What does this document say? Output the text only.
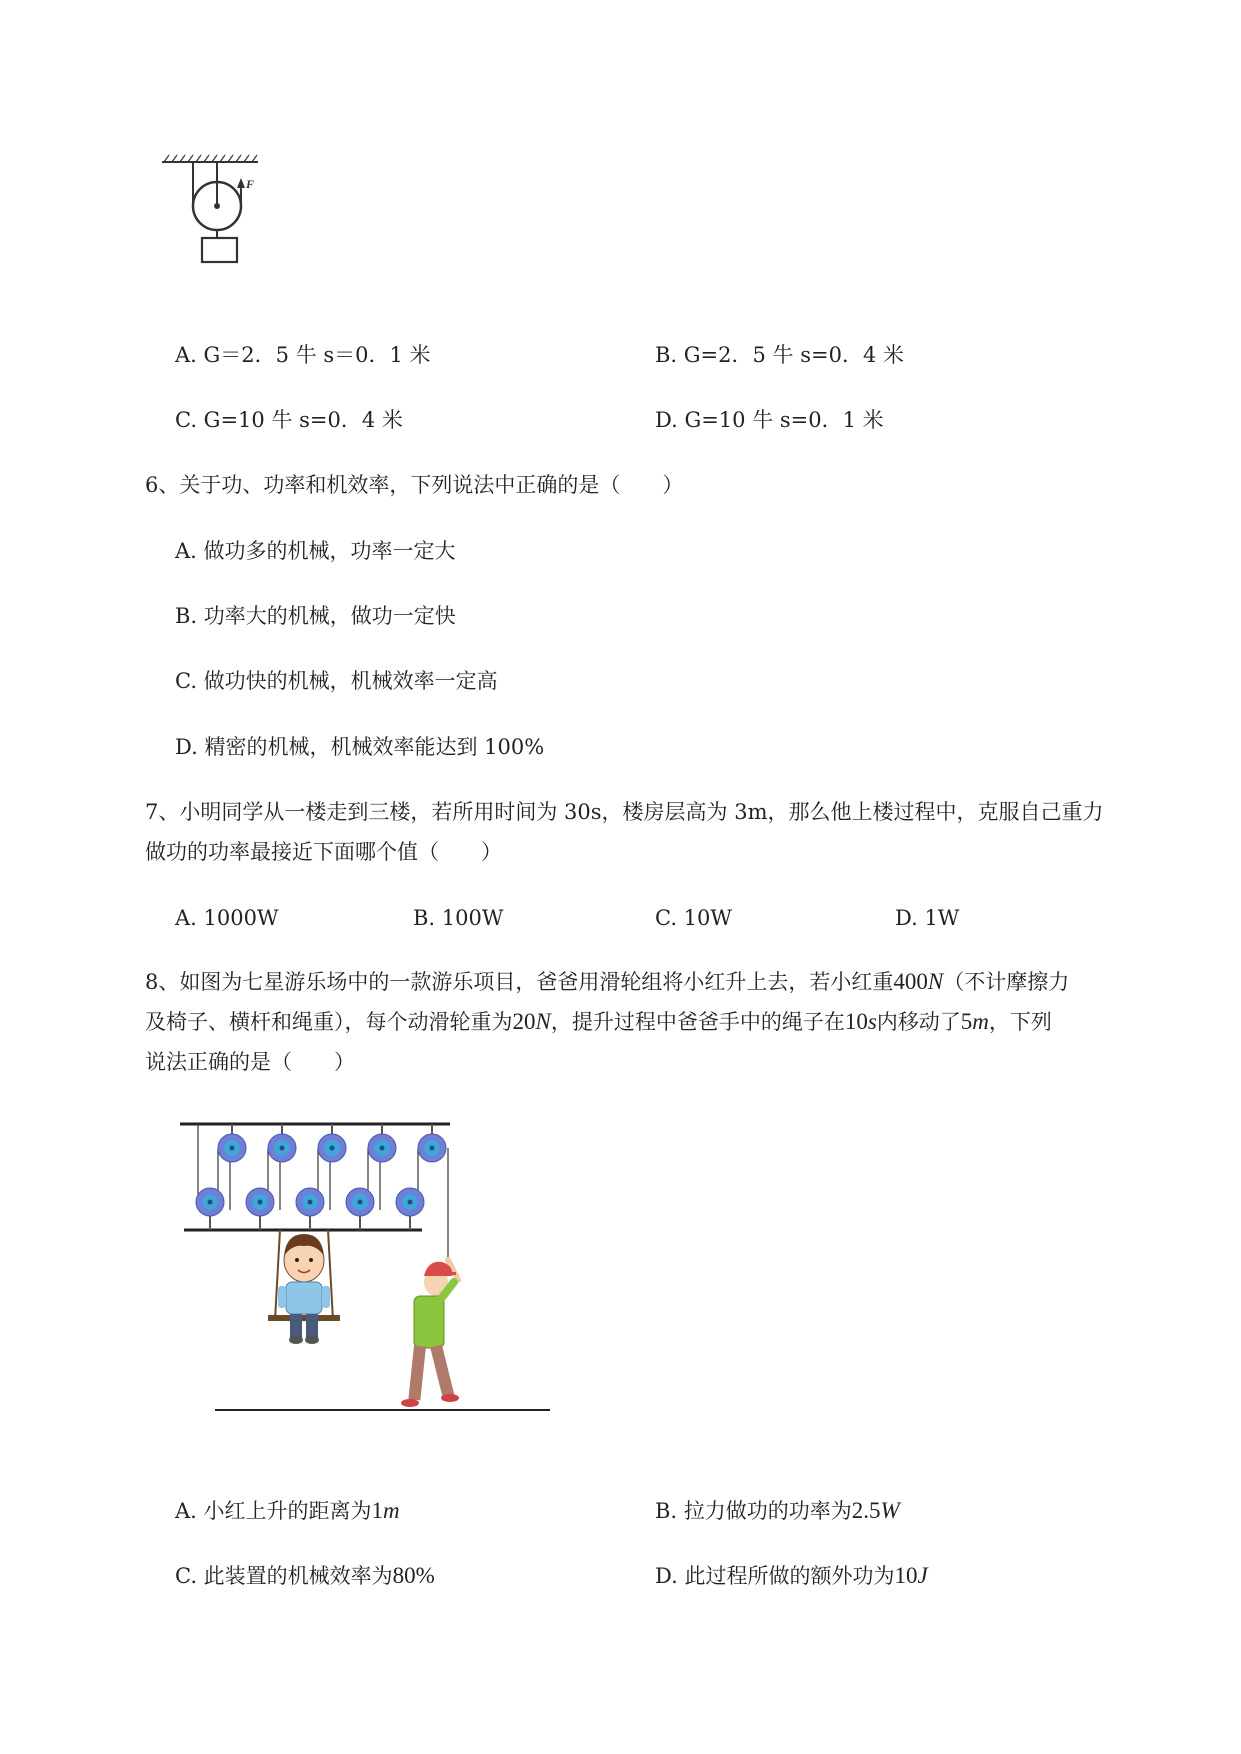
F
A. G＝2．5 牛 s＝0．1 米	B. G=2．5 牛 s=0．4 米
C. G=10 牛 s=0．4 米	D. G=10 牛 s=0．1 米
6、关于功、功率和机效率，下列说法中正确的是（　　）
A. 做功多的机械，功率一定大
B. 功率大的机械，做功一定快
C. 做功快的机械，机械效率一定高
D. 精密的机械，机械效率能达到 100%
7、小明同学从一楼走到三楼，若所用时间为 30s，楼房层高为 3m，那么他上楼过程中，克服自己重力
做功的功率最接近下面哪个值（　　）
A. 1000W	B. 100W	C. 10W	D. 1W
8、如图为七星游乐场中的一款游乐项目，爸爸用滑轮组将小红升上去，若小红重400N（不计摩擦力
及椅子、横杆和绳重），每个动滑轮重为20N，提升过程中爸爸手中的绳子在10s内移动了5m，下列
说法正确的是（　　）
A. 小红上升的距离为1m	B. 拉力做功的功率为2.5W
C. 此装置的机械效率为80%	D. 此过程所做的额外功为10J
